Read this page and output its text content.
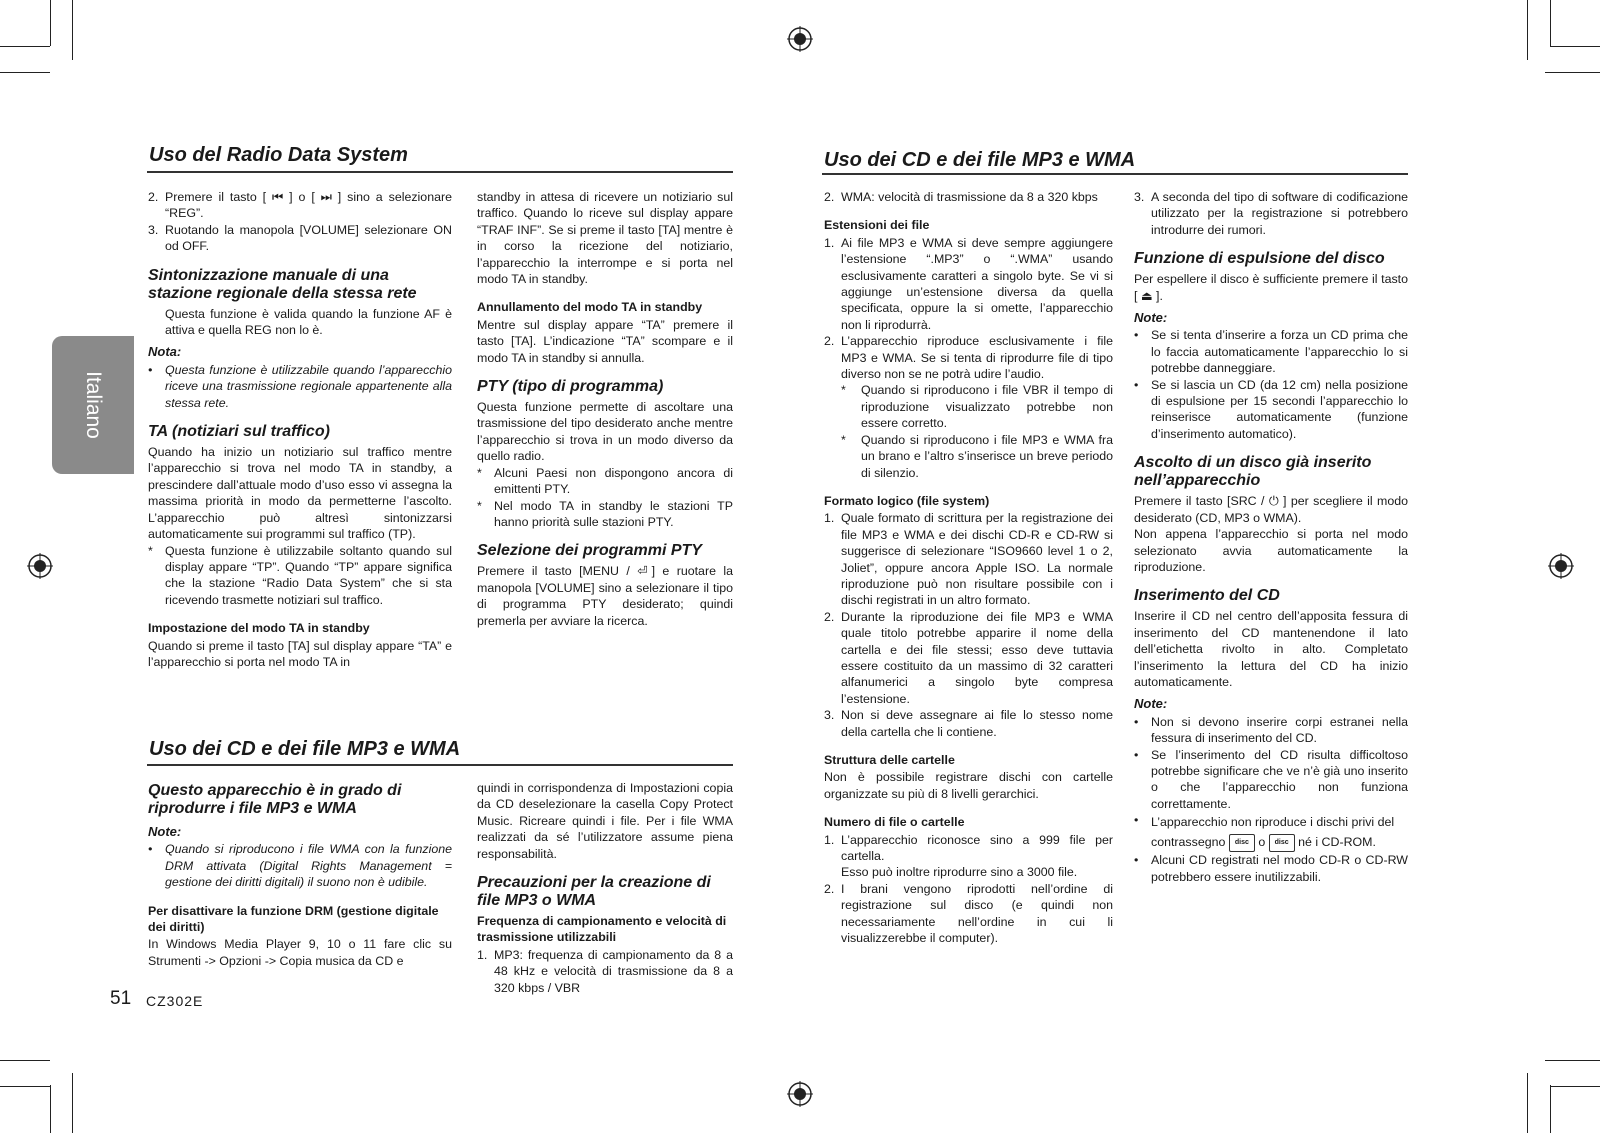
Italiano
Uso del Radio Data System
Uso dei CD e dei file MP3 e WMA
Uso dei CD e dei file MP3 e WMA
2. Premere il tasto [ ⏮ ] o [ ⏭ ] sino a selezionare “REG”.
3. Ruotando la manopola [VOLUME] selezionare ON od OFF.
Sintonizzazione manuale di una stazione regionale della stessa rete

Questa funzione è valida quando la funzione AF è attiva e quella REG non lo è.

Nota:
•	Questa funzione è utilizzabile quando l’apparecchio riceve una trasmissione regionale appartenente alla stessa rete.
TA (notiziari sul traffico)

Quando ha inizio un notiziario sul traffico mentre l’apparecchio si trova nel modo TA in standby, a prescindere dall’attuale modo d’uso esso vi assegna la massima priorità in modo da permetterne l’ascolto. L’apparecchio può altresì sintonizzarsi automaticamente sui programmi sul traffico (TP).

* Questa funzione è utilizzabile soltanto quando sul display appare “TP”. Quando “TP” appare significa che la stazione “Radio Data System” che si sta ricevendo trasmette notiziari sul traffico.
Impostazione del modo TA in standby

Quando si preme il tasto [TA] sul display appare “TA” e l’apparecchio si porta nel modo TA in

standby in attesa di ricevere un notiziario sul traffico. Quando lo riceve sul display appare “TRAF INF”. Se si preme il tasto [TA] mentre è in corso la ricezione del notiziario, l’apparecchio la interrompe e si porta nel modo TA in standby.

Annullamento del modo TA in standby

Mentre sul display appare “TA” premere il tasto [TA]. L’indicazione “TA” scompare e il modo TA in standby si annulla.

PTY (tipo di programma)

Questa funzione permette di ascoltare una trasmissione del tipo desiderato anche mentre l’apparecchio si trova in un modo diverso da quello radio.

* Alcuni Paesi non dispongono ancora di emittenti PTY.
* Nel modo TA in standby le stazioni TP hanno priorità sulle stazioni PTY.
Selezione dei programmi PTY

Premere il tasto [MENU / ⏎] e ruotare la manopola [VOLUME] sino a selezionare il tipo di programma PTY desiderato; quindi premerla per avviare la ricerca.

Questo apparecchio è in grado di riprodurre i file MP3 e WMA
Note:
•	Quando si riproducono i file WMA con la funzione DRM attivata (Digital Rights Management = gestione dei diritti digitali) il suono non è udibile.
Per disattivare la funzione DRM (gestione digitale dei diritti)

In Windows Media Player 9, 10 o 11 fare clic su Strumenti -> Opzioni -> Copia musica da CD e

quindi in corrispondenza di Impostazioni copia da CD deselezionare la casella Copy Protect Music. Ricreare quindi i file. Per i file WMA realizzati da sé l’utilizzatore assume piena responsabilità.

Precauzioni per la creazione di file MP3 o WMA
Frequenza di campionamento e velocità di trasmissione utilizzabili
1. MP3: frequenza di campionamento da 8 a 48 kHz e velocità di trasmissione da 8 a 320 kbps / VBR
2. WMA: velocità di trasmissione da 8 a 320 kbps
Estensioni dei file
1. Ai file MP3 e WMA si deve sempre aggiungere l’estensione “.MP3” o “.WMA” usando esclusivamente caratteri a singolo byte. Se vi si aggiunge un’estensione diversa da quella specificata, oppure la si omette, l’apparecchio non li riprodurrà.
2. L’apparecchio riproduce esclusivamente i file MP3 e WMA. Se si tenta di riprodurre file di tipo diverso non se ne potrà udire l’audio.
*	Quando si riproducono i file VBR il tempo di riproduzione visualizzato potrebbe non essere corretto.
*	Quando si riproducono i file MP3 e WMA fra un brano e l’altro s’inserisce un breve periodo di silenzio.
Formato logico (file system)
1. Quale formato di scrittura per la registrazione dei file MP3 e WMA e dei dischi CD-R e CD-RW si suggerisce di selezionare “ISO9660 level 1 o 2, Joliet”, oppure ancora Apple ISO. La normale riproduzione può non risultare possibile con i dischi registrati in un altro formato.
2. Durante la riproduzione dei file MP3 e WMA quale titolo potrebbe apparire il nome della cartella e dei file stessi; esso deve tuttavia essere costituito da un massimo di 32 caratteri alfanumerici a singolo byte compresa l’estensione.
3. Non si deve assegnare ai file lo stesso nome della cartella che li contiene.
Struttura delle cartelle

Non è possibile registrare dischi con cartelle organizzate su più di 8 livelli gerarchici.

Numero di file o cartelle
1. L’apparecchio riconosce sino a 999 file per cartella.

Esso può inoltre riprodurre sino a 3000 file.

2. I brani vengono riprodotti nell’ordine di registrazione sul disco (e quindi non necessariamente nell’ordine in cui li visualizzerebbe il computer).
3. A seconda del tipo di software di codificazione utilizzato per la registrazione si potrebbero introdurre dei rumori.
Funzione di espulsione del disco

Per espellere il disco è sufficiente premere il tasto [ ⏏ ].

Note:
•	Se si tenta d’inserire a forza un CD prima che lo faccia automaticamente l’apparecchio lo si potrebbe danneggiare.
•	Se si lascia un CD (da 12 cm) nella posizione di espulsione per 15 secondi l’apparecchio lo reinserisce automaticamente (funzione d’inserimento automatico).
Ascolto di un disco già inserito nell’apparecchio

Premere il tasto [SRC / ⏻ ] per scegliere il modo desiderato (CD, MP3 o WMA).

Non appena l’apparecchio si porta nel modo selezionato avvia automaticamente la riproduzione.

Inserimento del CD

Inserire il CD nel centro dell’apposita fessura di inserimento del CD mantenendone il lato dell’etichetta rivolto in alto. Completato l’inserimento la lettura del CD ha inizio automaticamente.

Note:
•	Non si devono inserire corpi estranei nella fessura di inserimento del CD.
•	Se l’inserimento del CD risulta difficoltoso potrebbe significare che ve n’è già uno inserito o che l’apparecchio non funziona correttamente.
•	L’apparecchio non riproduce i dischi privi del contrassegno disc o disc né i CD-ROM.
•	Alcuni CD registrati nel modo CD-R o CD-RW potrebbero essere inutilizzabili.
51 CZ302E
